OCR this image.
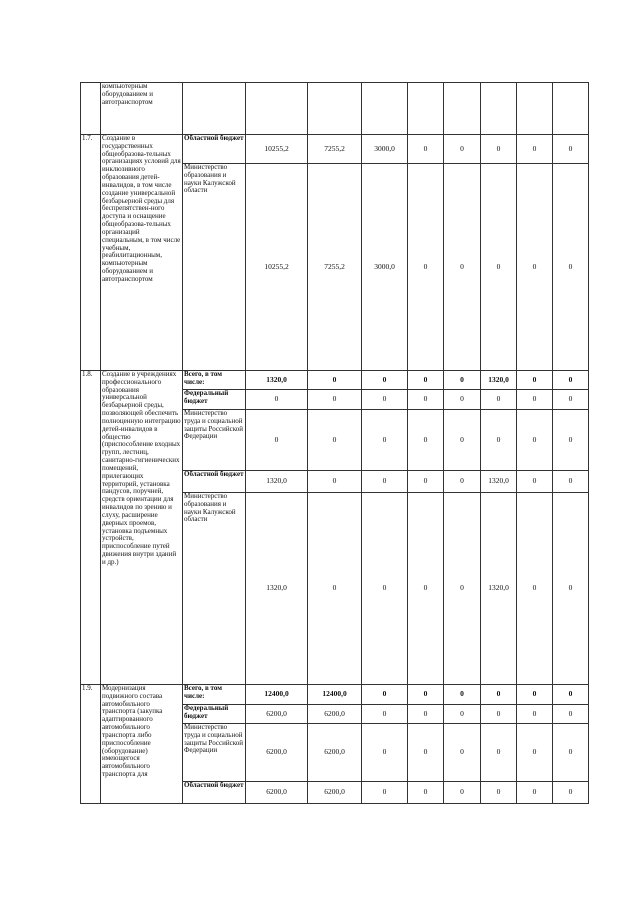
	компьютерным оборудованием и автотранспортом									
1.7.	Создание в государственных общеобразова-тельных организациях условий для инклюзивного образования детей-инвалидов, в том числе создание универсальной безбарьерной среды для беспрепятствен-ного доступа и оснащение общеобразова-тельных организаций специальным, в том числе учебным, реабилитационным, компьютерным оборудованием и автотранспортом	Областной бюджет	10255,2	7255,2	3000,0	0	0	0	0	0
		Министерство образования и науки Калужской области	10255,2	7255,2	3000,0	0	0	0	0	0
1.8.	Создание в учреждениях профессионального образования универсальной безбарьерной среды, позволяющей обеспечить полноценную интеграцию детей-инвалидов в общество (приспособление входных групп, лестниц, санитарно-гигиенических помещений, прилегающих территорий, установка пандусов, поручней, средств ориентации для инвалидов по зрению и слуху, расширение дверных проемов, установка подъемных устройств, приспособление путей движения внутри зданий и др.)	Всего, в том числе:	1320,0	0	0	0	0	1320,0	0	0
		Федеральный бюджет	0	0	0	0	0	0	0	0
		Министерство труда и социальной защиты Российской Федерации	0	0	0	0	0	0	0	0
		Областной бюджет	1320,0	0	0	0	0	1320,0	0	0
		Министерство образования и науки Калужской области	1320,0	0	0	0	0	1320,0	0	0
1.9.	Модернизация подвижного состава автомобильного транспорта (закупка адаптированного автомобильного транспорта либо приспособление (оборудование) имеющегося автомобильного транспорта для	Всего, в том числе:	12400,0	12400,0	0	0	0	0	0	0
		Федеральный бюджет	6200,0	6200,0	0	0	0	0	0	0
		Министерство труда и социальной защиты Российской Федерации	6200,0	6200,0	0	0	0	0	0	0
		Областной бюджет	6200,0	6200,0	0	0	0	0	0	0
